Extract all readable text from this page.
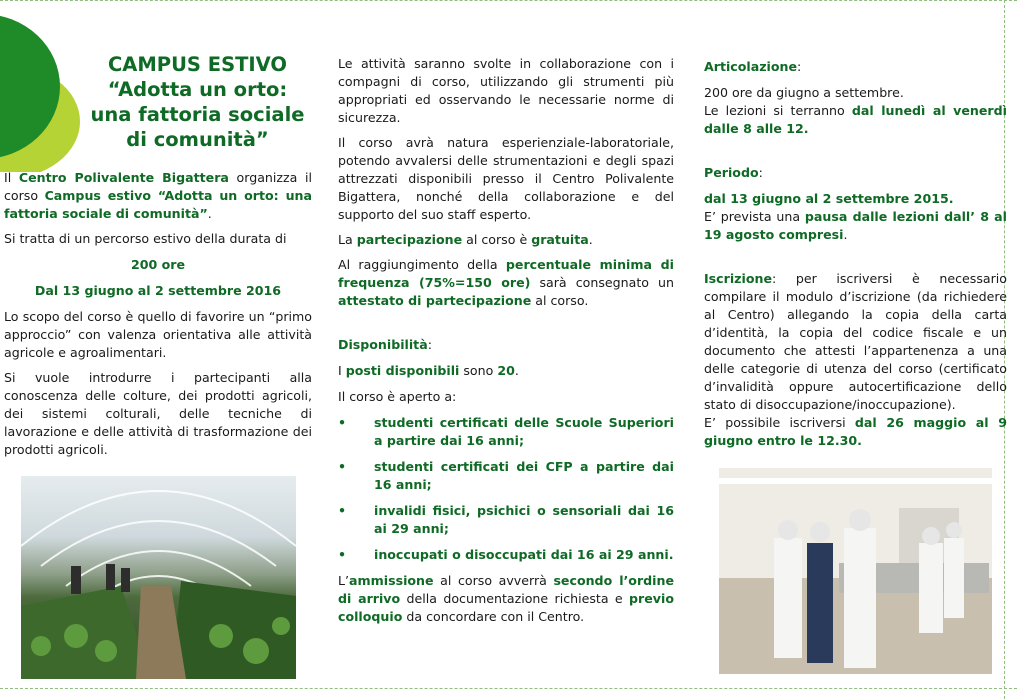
CAMPUS ESTIVO
“Adotta un orto:
una fattoria sociale
di comunità”

Il Centro Polivalente Bigattera organizza il corso Campus estivo “Adotta un orto: una fattoria sociale di comunità”.

Si tratta di un percorso estivo della durata di

200 ore

Dal 13 giugno al 2 settembre 2016

Lo scopo del corso è quello di favorire un “primo approccio” con valenza orientativa alle attività agricole e agroalimentari.

Si vuole introdurre i partecipanti alla conoscenza delle colture, dei prodotti agricoli, dei sistemi colturali, delle tecniche di lavorazione e delle attività di trasformazione dei prodotti agricoli.

Le attività saranno svolte in collaborazione con i compagni di corso, utilizzando gli strumenti più appropriati ed osservando le necessarie norme di sicurezza.

Il corso avrà natura esperienziale-laboratoriale, potendo avvalersi delle strumentazioni e degli spazi attrezzati disponibili presso il Centro Polivalente Bigattera, nonché della collaborazione e del supporto del suo staff esperto.

La partecipazione al corso è gratuita.

Al raggiungimento della percentuale minima di frequenza (75%=150 ore) sarà consegnato un attestato di partecipazione al corso.

Disponibilità:

I posti disponibili sono 20.

Il corso è aperto a:

• studenti certificati delle Scuole Superiori a partire dai 16 anni;
• studenti certificati dei CFP a partire dai 16 anni;
• invalidi fisici, psichici o sensoriali dai 16 ai 29 anni;
• inoccupati o disoccupati dai 16 ai 29 anni.

L’ammissione al corso avverrà secondo l’ordine di arrivo della documentazione richiesta e previo colloquio da concordare con il Centro.

Articolazione:

200 ore da giugno a settembre.

Le lezioni si terranno dal lunedì al venerdì dalle 8 alle 12.

Periodo:

dal 13 giugno al 2 settembre 2015.

E’ prevista una pausa dalle lezioni dall’ 8 al 19 agosto compresi.

Iscrizione: per iscriversi è necessario compilare il modulo d’iscrizione (da richiedere al Centro) allegando la copia della carta d’identità, la copia del codice fiscale e un documento che attesti l’appartenenza a una delle categorie di utenza del corso (certificato d’invalidità oppure autocertificazione dello stato di disoccupazione/inoccupazione).

E’ possibile iscriversi dal 26 maggio al 9 giugno entro le 12.30.
